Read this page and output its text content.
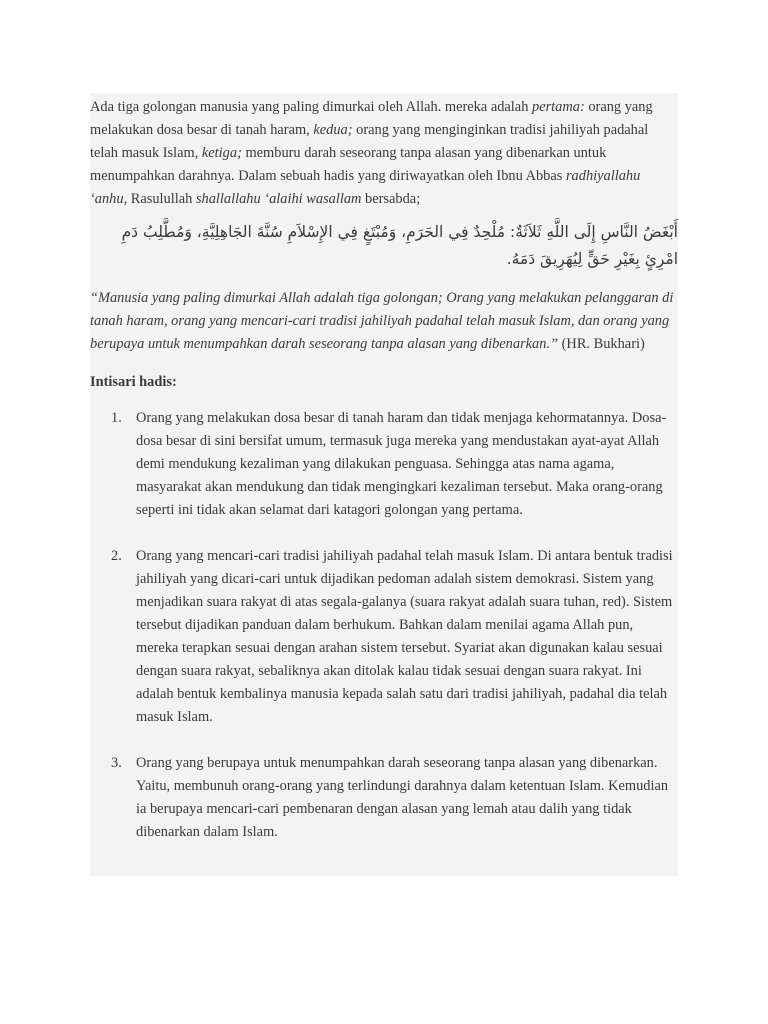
Ada tiga golongan manusia yang paling dimurkai oleh Allah. mereka adalah pertama: orang yang melakukan dosa besar di tanah haram, kedua; orang yang menginginkan tradisi jahiliyah padahal telah masuk Islam, ketiga; memburu darah seseorang tanpa alasan yang dibenarkan untuk menumpahkan darahnya. Dalam sebuah hadis yang diriwayatkan oleh Ibnu Abbas radhiyallahu ‘anhu, Rasulullah shallallahu ‘alaihi wasallam bersabda;

أَبْغَضُ النَّاسِ إِلَى اللَّهِ ثَلاَثَةٌ: مُلْحِدٌ فِي الحَرَمِ، وَمُبْتَغٍ فِي الإِسْلاَمِ سُنَّةَ الجَاهِلِيَّةِ، وَمُطَّلِبُ دَمِ امْرِئٍ بِغَيْرِ حَقٍّ لِيُهَرِيقَ دَمَهُ.

“Manusia yang paling dimurkai Allah adalah tiga golongan; Orang yang melakukan pelanggaran di tanah haram, orang yang mencari-cari tradisi jahiliyah padahal telah masuk Islam, dan orang yang berupaya untuk menumpahkan darah seseorang tanpa alasan yang dibenarkan.” (HR. Bukhari)

Intisari hadis:

1. Orang yang melakukan dosa besar di tanah haram dan tidak menjaga kehormatannya. Dosa-dosa besar di sini bersifat umum, termasuk juga mereka yang mendustakan ayat-ayat Allah demi mendukung kezaliman yang dilakukan penguasa. Sehingga atas nama agama, masyarakat akan mendukung dan tidak mengingkari kezaliman tersebut. Maka orang-orang seperti ini tidak akan selamat dari katagori golongan yang pertama.
2. Orang yang mencari-cari tradisi jahiliyah padahal telah masuk Islam. Di antara bentuk tradisi jahiliyah yang dicari-cari untuk dijadikan pedoman adalah sistem demokrasi. Sistem yang menjadikan suara rakyat di atas segala-galanya (suara rakyat adalah suara tuhan, red). Sistem tersebut dijadikan panduan dalam berhukum. Bahkan dalam menilai agama Allah pun, mereka terapkan sesuai dengan arahan sistem tersebut. Syariat akan digunakan kalau sesuai dengan suara rakyat, sebaliknya akan ditolak kalau tidak sesuai dengan suara rakyat. Ini adalah bentuk kembalinya manusia kepada salah satu dari tradisi jahiliyah, padahal dia telah masuk Islam.
3. Orang yang berupaya untuk menumpahkan darah seseorang tanpa alasan yang dibenarkan. Yaitu, membunuh orang-orang yang terlindungi darahnya dalam ketentuan Islam. Kemudian ia berupaya mencari-cari pembenaran dengan alasan yang lemah atau dalih yang tidak dibenarkan dalam Islam.
